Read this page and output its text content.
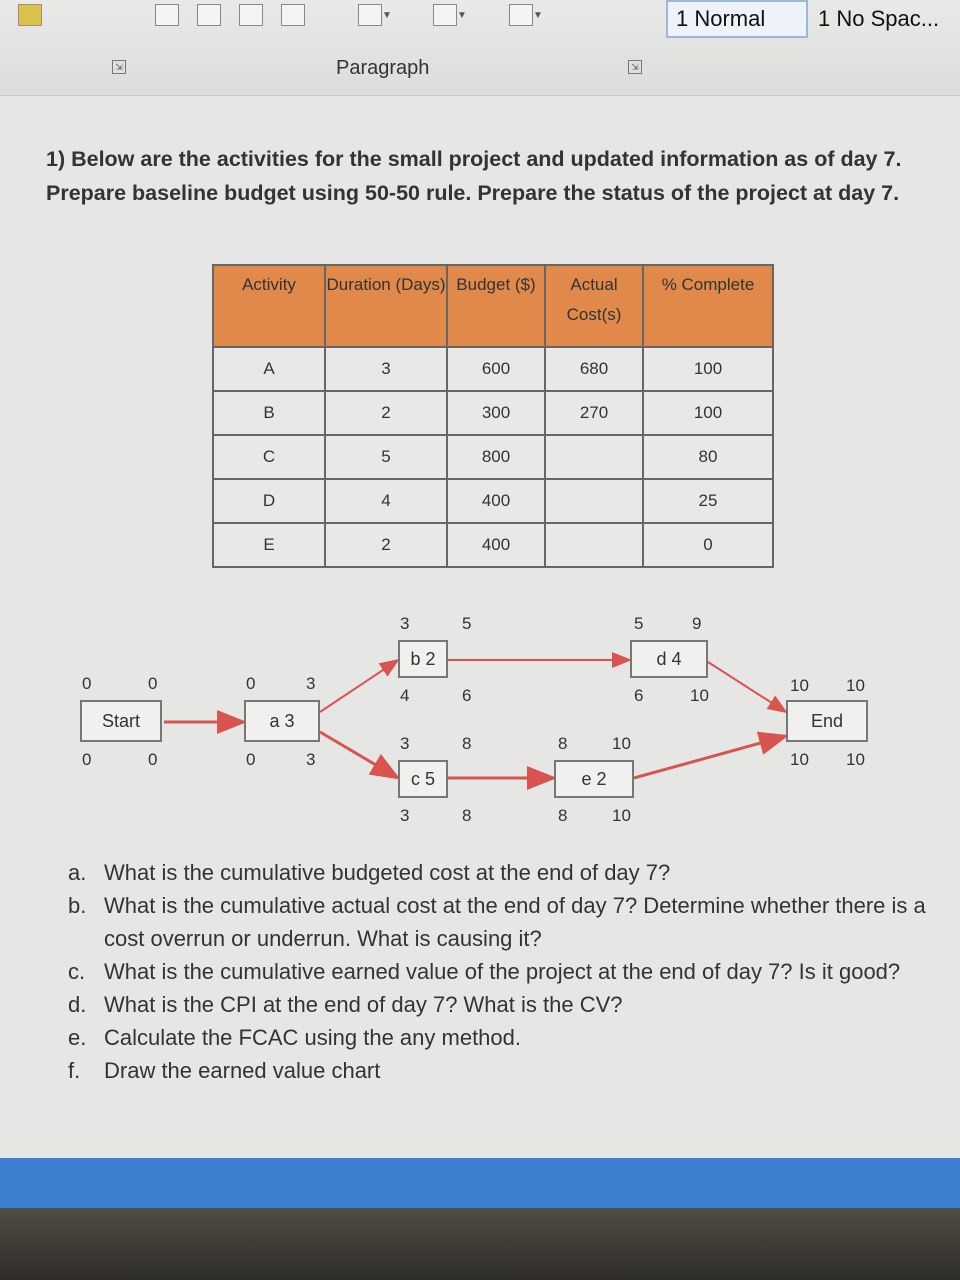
▼	▼	▼	1 Normal 1 No Spac...
⇲	Paragraph	⇲
1) Below are the activities for the small project and updated information as of day 7. Prepare baseline budget using 50-50 rule. Prepare the status of the project at day 7.
Activity	Duration (Days)	Budget ($)	Actual Cost(s)	% Complete
A	3	600	680	100
B	2	300	270	100
C	5	800		80
D	4	400		25
E	2	400		0
0	0
Start
0	0
0	3
a 3
0	3
3	5
b 2
4	6
3	8
c 5
3	8
5	9
d 4
6	10
8	10
e 2
8	10
10 10
End
10 10
a. What is the cumulative budgeted cost at the end of day 7?
b. What is the cumulative actual cost at the end of day 7? Determine whether there is a cost overrun or underrun. What is causing it?
c. What is the cumulative earned value of the project at the end of day 7? Is it good?
d. What is the CPI at the end of day 7? What is the CV?
e. Calculate the FCAC using the any method.
f.	Draw the earned value chart
